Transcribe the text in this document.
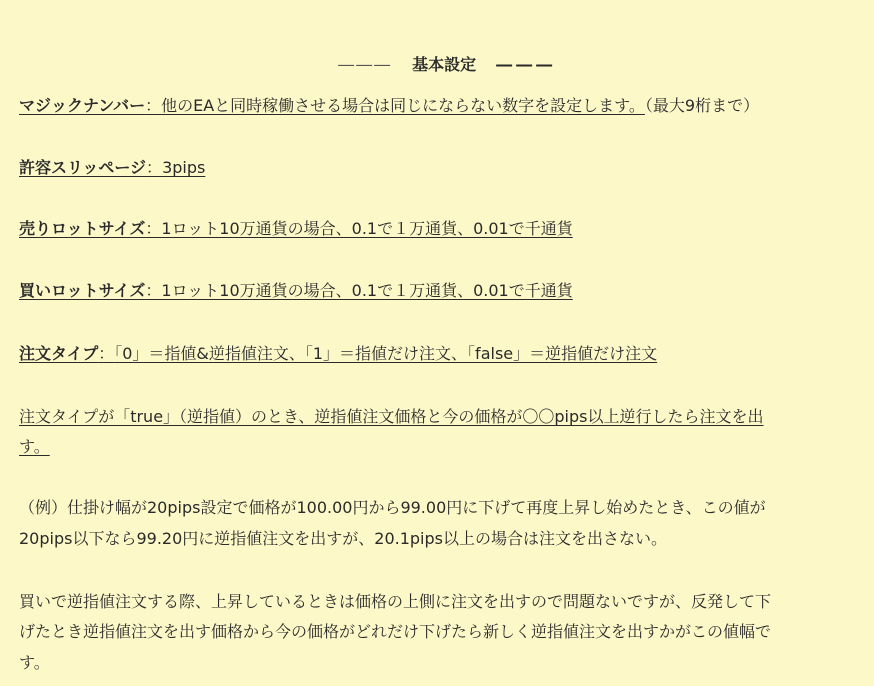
――― 基本設定 ―――

マジックナンバー：他のEAと同時稼働させる場合は同じにならない数字を設定します。（最大9桁まで）
許容スリッページ：3pips
売りロットサイズ：1ロット10万通貨の場合、0.1で１万通貨、0.01で千通貨
買いロットサイズ：1ロット10万通貨の場合、0.1で１万通貨、0.01で千通貨
注文タイプ：「0」＝指値&逆指値注文、「1」＝指値だけ注文、「false」＝逆指値だけ注文
注文タイプが「true」（逆指値）のとき、逆指値注文価格と今の価格が〇〇pips以上逆行したら注文を出
す。
（例）仕掛け幅が20pips設定で価格が100.00円から99.00円に下げて再度上昇し始めたとき、この値が
20pips以下なら99.20円に逆指値注文を出すが、20.1pips以上の場合は注文を出さない。
買いで逆指値注文する際、上昇しているときは価格の上側に注文を出すので問題ないですが、反発して下
げたとき逆指値注文を出す価格から今の価格がどれだけ下げたら新しく逆指値注文を出すかがこの値幅で
す。
